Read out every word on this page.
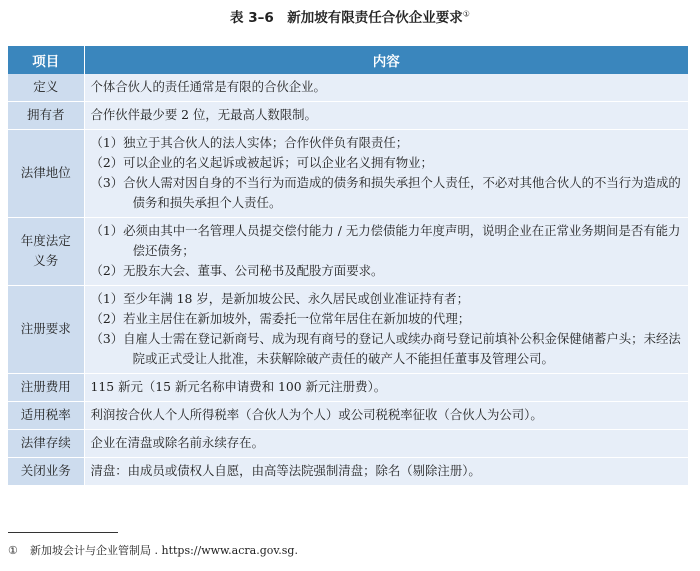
表 3–6　新加坡有限责任合伙企业要求①
项目	内容
定义	个体合伙人的责任通常是有限的合伙企业。

拥有者	合作伙伴最少要 2 位，无最高人数限制。

法律地位	（1）独立于其合伙人的法人实体；合作伙伴负有限责任；
（2）可以企业的名义起诉或被起诉；可以企业名义拥有物业；
（3）合伙人需对因自身的不当行为而造成的债务和损失承担个人责任，不必对其他合伙人的不当行为造成的债务和损失承担个人责任。

年度法定义务	（1）必须由其中一名管理人员提交偿付能力 / 无力偿债能力年度声明，说明企业在正常业务期间是否有能力偿还债务；
（2）无股东大会、董事、公司秘书及配股方面要求。

注册要求	（1）至少年满 18 岁，是新加坡公民、永久居民或创业准证持有者；
（2）若业主居住在新加坡外，需委托一位常年居住在新加坡的代理；
（3）自雇人士需在登记新商号、成为现有商号的登记人或续办商号登记前填补公积金保健储蓄户头；未经法院或正式受让人批准，未获解除破产责任的破产人不能担任董事及管理公司。

注册费用	115 新元（15 新元名称申请费和 100 新元注册费）。

适用税率	利润按合伙人个人所得税率（合伙人为个人）或公司税税率征收（合伙人为公司）。

法律存续	企业在清盘或除名前永续存在。

关闭业务	清盘：由成员或债权人自愿，由高等法院强制清盘；除名（剔除注册）。
① 新加坡会计与企业管制局 . https://www.acra.gov.sg.
